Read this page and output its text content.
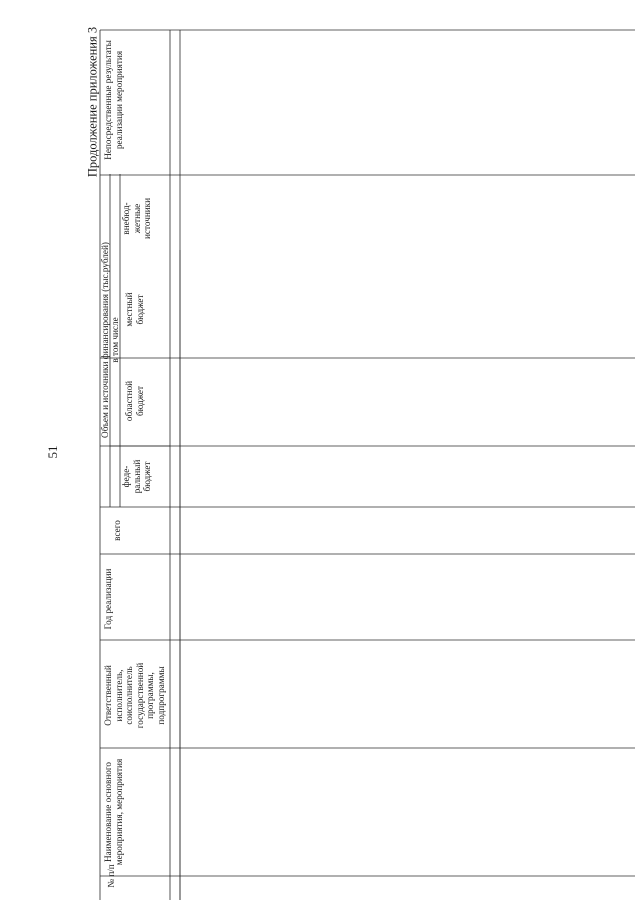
51
Продолжение приложения 3
№ п/п
Наименование основного мероприятия, мероприятия
Ответственный исполнитель, соисполнитель государственной программы, подпрограммы
Год реализации
всего
Объем и источники финансирования (тыс.рублей) в том числе
феде-
ральный
бюджет
областной
бюджет
местный
бюджет
внебюд-
жетные
источники
Непосредственные результаты реализации мероприятия
